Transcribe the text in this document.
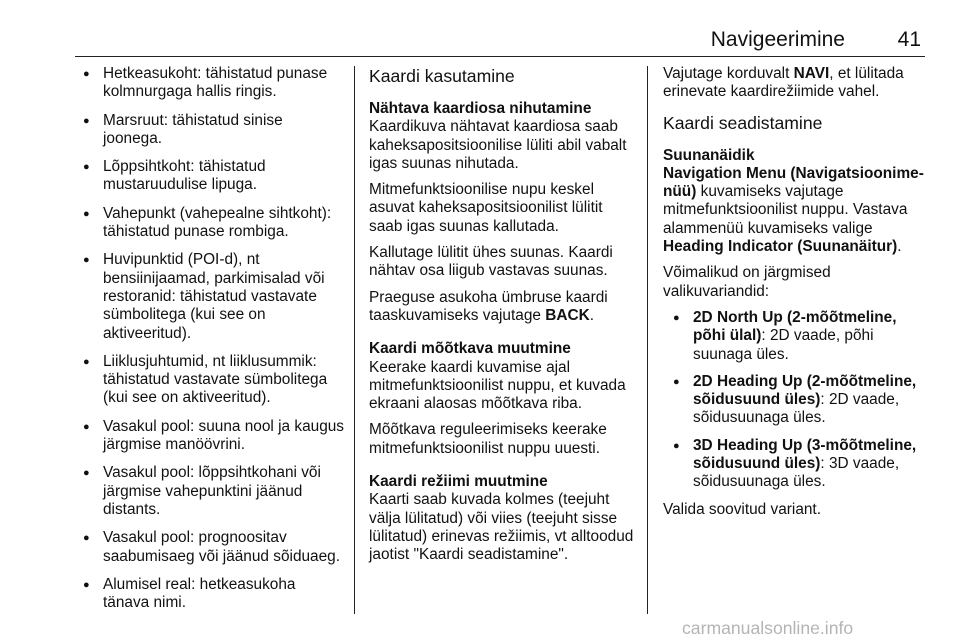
Navigeerimine	41
● Hetkeasukoht: tähistatud punase kolmnurgaga hallis ringis.
● Marsruut: tähistatud sinise joonega.
● Lõppsihtkoht: tähistatud mustaruudulise lipuga.
● Vahepunkt (vahepealne sihtkoht): tähistatud punase rombiga.
● Huvipunktid (POI-d), nt bensiinijaamad, parkimisalad või restoranid: tähistatud vastavate sümbolitega (kui see on aktiveeritud).
● Liiklusjuhtumid, nt liiklusummik: tähistatud vastavate sümbolitega (kui see on aktiveeritud).
● Vasakul pool: suuna nool ja kaugus järgmise manöövrini.
● Vasakul pool: lõppsihtkohani või järgmise vahepunktini jäänud distants.
● Vasakul pool: prognoositav saabumisaeg või jäänud sõiduaeg.
● Alumisel real: hetkeasukoha tänava nimi.
Kaardi kasutamine
Nähtava kaardiosa nihutamine

Kaardikuva nähtavat kaardiosa saab kaheksapositsioonilise lüliti abil vabalt igas suunas nihutada.

Mitmefunktsioonilise nupu keskel asuvat kaheksapositsioonilist lülitit saab igas suunas kallutada.

Kallutage lülitit ühes suunas. Kaardi nähtav osa liigub vastavas suunas.

Praeguse asukoha ümbruse kaardi taaskuvamiseks vajutage BACK.

Kaardi mõõtkava muutmine

Keerake kaardi kuvamise ajal mitmefunktsioonilist nuppu, et kuvada ekraani alaosas mõõtkava riba.

Mõõtkava reguleerimiseks keerake mitmefunktsioonilist nuppu uuesti.

Kaardi režiimi muutmine

Kaarti saab kuvada kolmes (teejuht välja lülitatud) või viies (teejuht sisse lülitatud) erinevas režiimis, vt alltoodud jaotist "Kaardi seadistamine".

Vajutage korduvalt NAVI, et lülitada erinevate kaardirežiimide vahel.

Kaardi seadistamine
Suunanäidik

Navigation Menu (Navigatsioonimenüü) kuvamiseks vajutage mitmefunktsioonilist nuppu. Vastava alammenüü kuvamiseks valige Heading Indicator (Suunanäitur).

Võimalikud on järgmised valikuvariandid:

● 2D North Up (2-mõõtmeline, põhi ülal): 2D vaade, põhi suunaga üles.
● 2D Heading Up (2-mõõtmeline, sõidusuund üles): 2D vaade, sõidusuunaga üles.
● 3D Heading Up (3-mõõtmeline, sõidusuund üles): 3D vaade, sõidusuunaga üles.

Valida soovitud variant.

carmanualsonline.info
